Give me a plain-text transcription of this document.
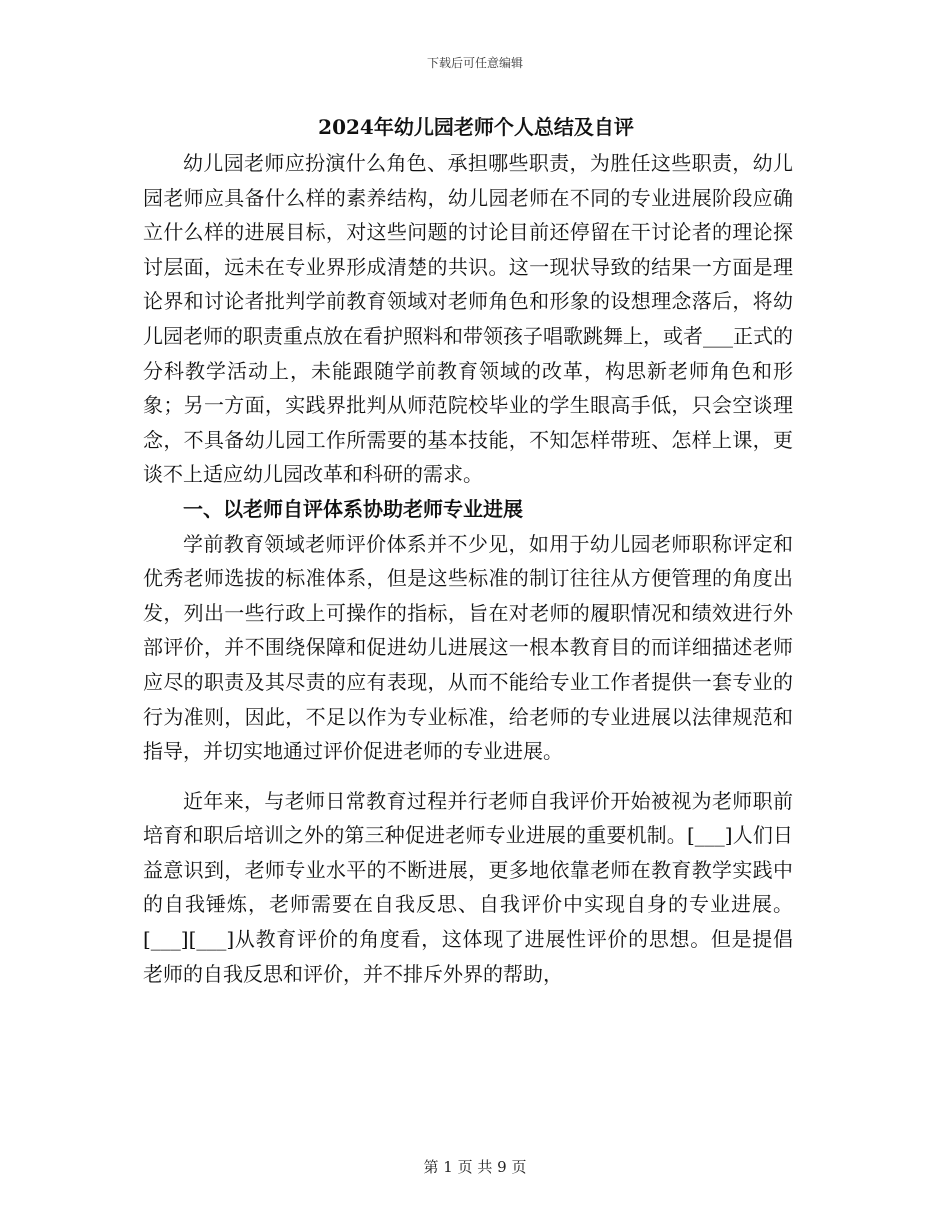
下载后可任意编辑
2024年幼儿园老师个人总结及自评

幼儿园老师应扮演什么角色、承担哪些职责，为胜任这些职责，幼儿园老师应具备什么样的素养结构，幼儿园老师在不同的专业进展阶段应确立什么样的进展目标，对这些问题的讨论目前还停留在干讨论者的理论探讨层面，远未在专业界形成清楚的共识。这一现状导致的结果一方面是理论界和讨论者批判学前教育领域对老师角色和形象的设想理念落后，将幼儿园老师的职责重点放在看护照料和带领孩子唱歌跳舞上，或者___正式的分科教学活动上，未能跟随学前教育领域的改革，构思新老师角色和形象；另一方面，实践界批判从师范院校毕业的学生眼高手低，只会空谈理念，不具备幼儿园工作所需要的基本技能，不知怎样带班、怎样上课，更谈不上适应幼儿园改革和科研的需求。

一、以老师自评体系协助老师专业进展

学前教育领域老师评价体系并不少见，如用于幼儿园老师职称评定和优秀老师选拔的标准体系，但是这些标准的制订往往从方便管理的角度出发，列出一些行政上可操作的指标，旨在对老师的履职情况和绩效进行外部评价，并不围绕保障和促进幼儿进展这一根本教育目的而详细描述老师应尽的职责及其尽责的应有表现，从而不能给专业工作者提供一套专业的行为准则，因此，不足以作为专业标准，给老师的专业进展以法律规范和指导，并切实地通过评价促进老师的专业进展。

近年来，与老师日常教育过程并行老师自我评价开始被视为老师职前培育和职后培训之外的第三种促进老师专业进展的重要机制。[___]人们日益意识到，老师专业水平的不断进展，更多地依靠老师在教育教学实践中的自我锤炼，老师需要在自我反思、自我评价中实现自身的专业进展。[___][___]从教育评价的角度看，这体现了进展性评价的思想。但是提倡老师的自我反思和评价，并不排斥外界的帮助，

第 1 页 共 9 页
